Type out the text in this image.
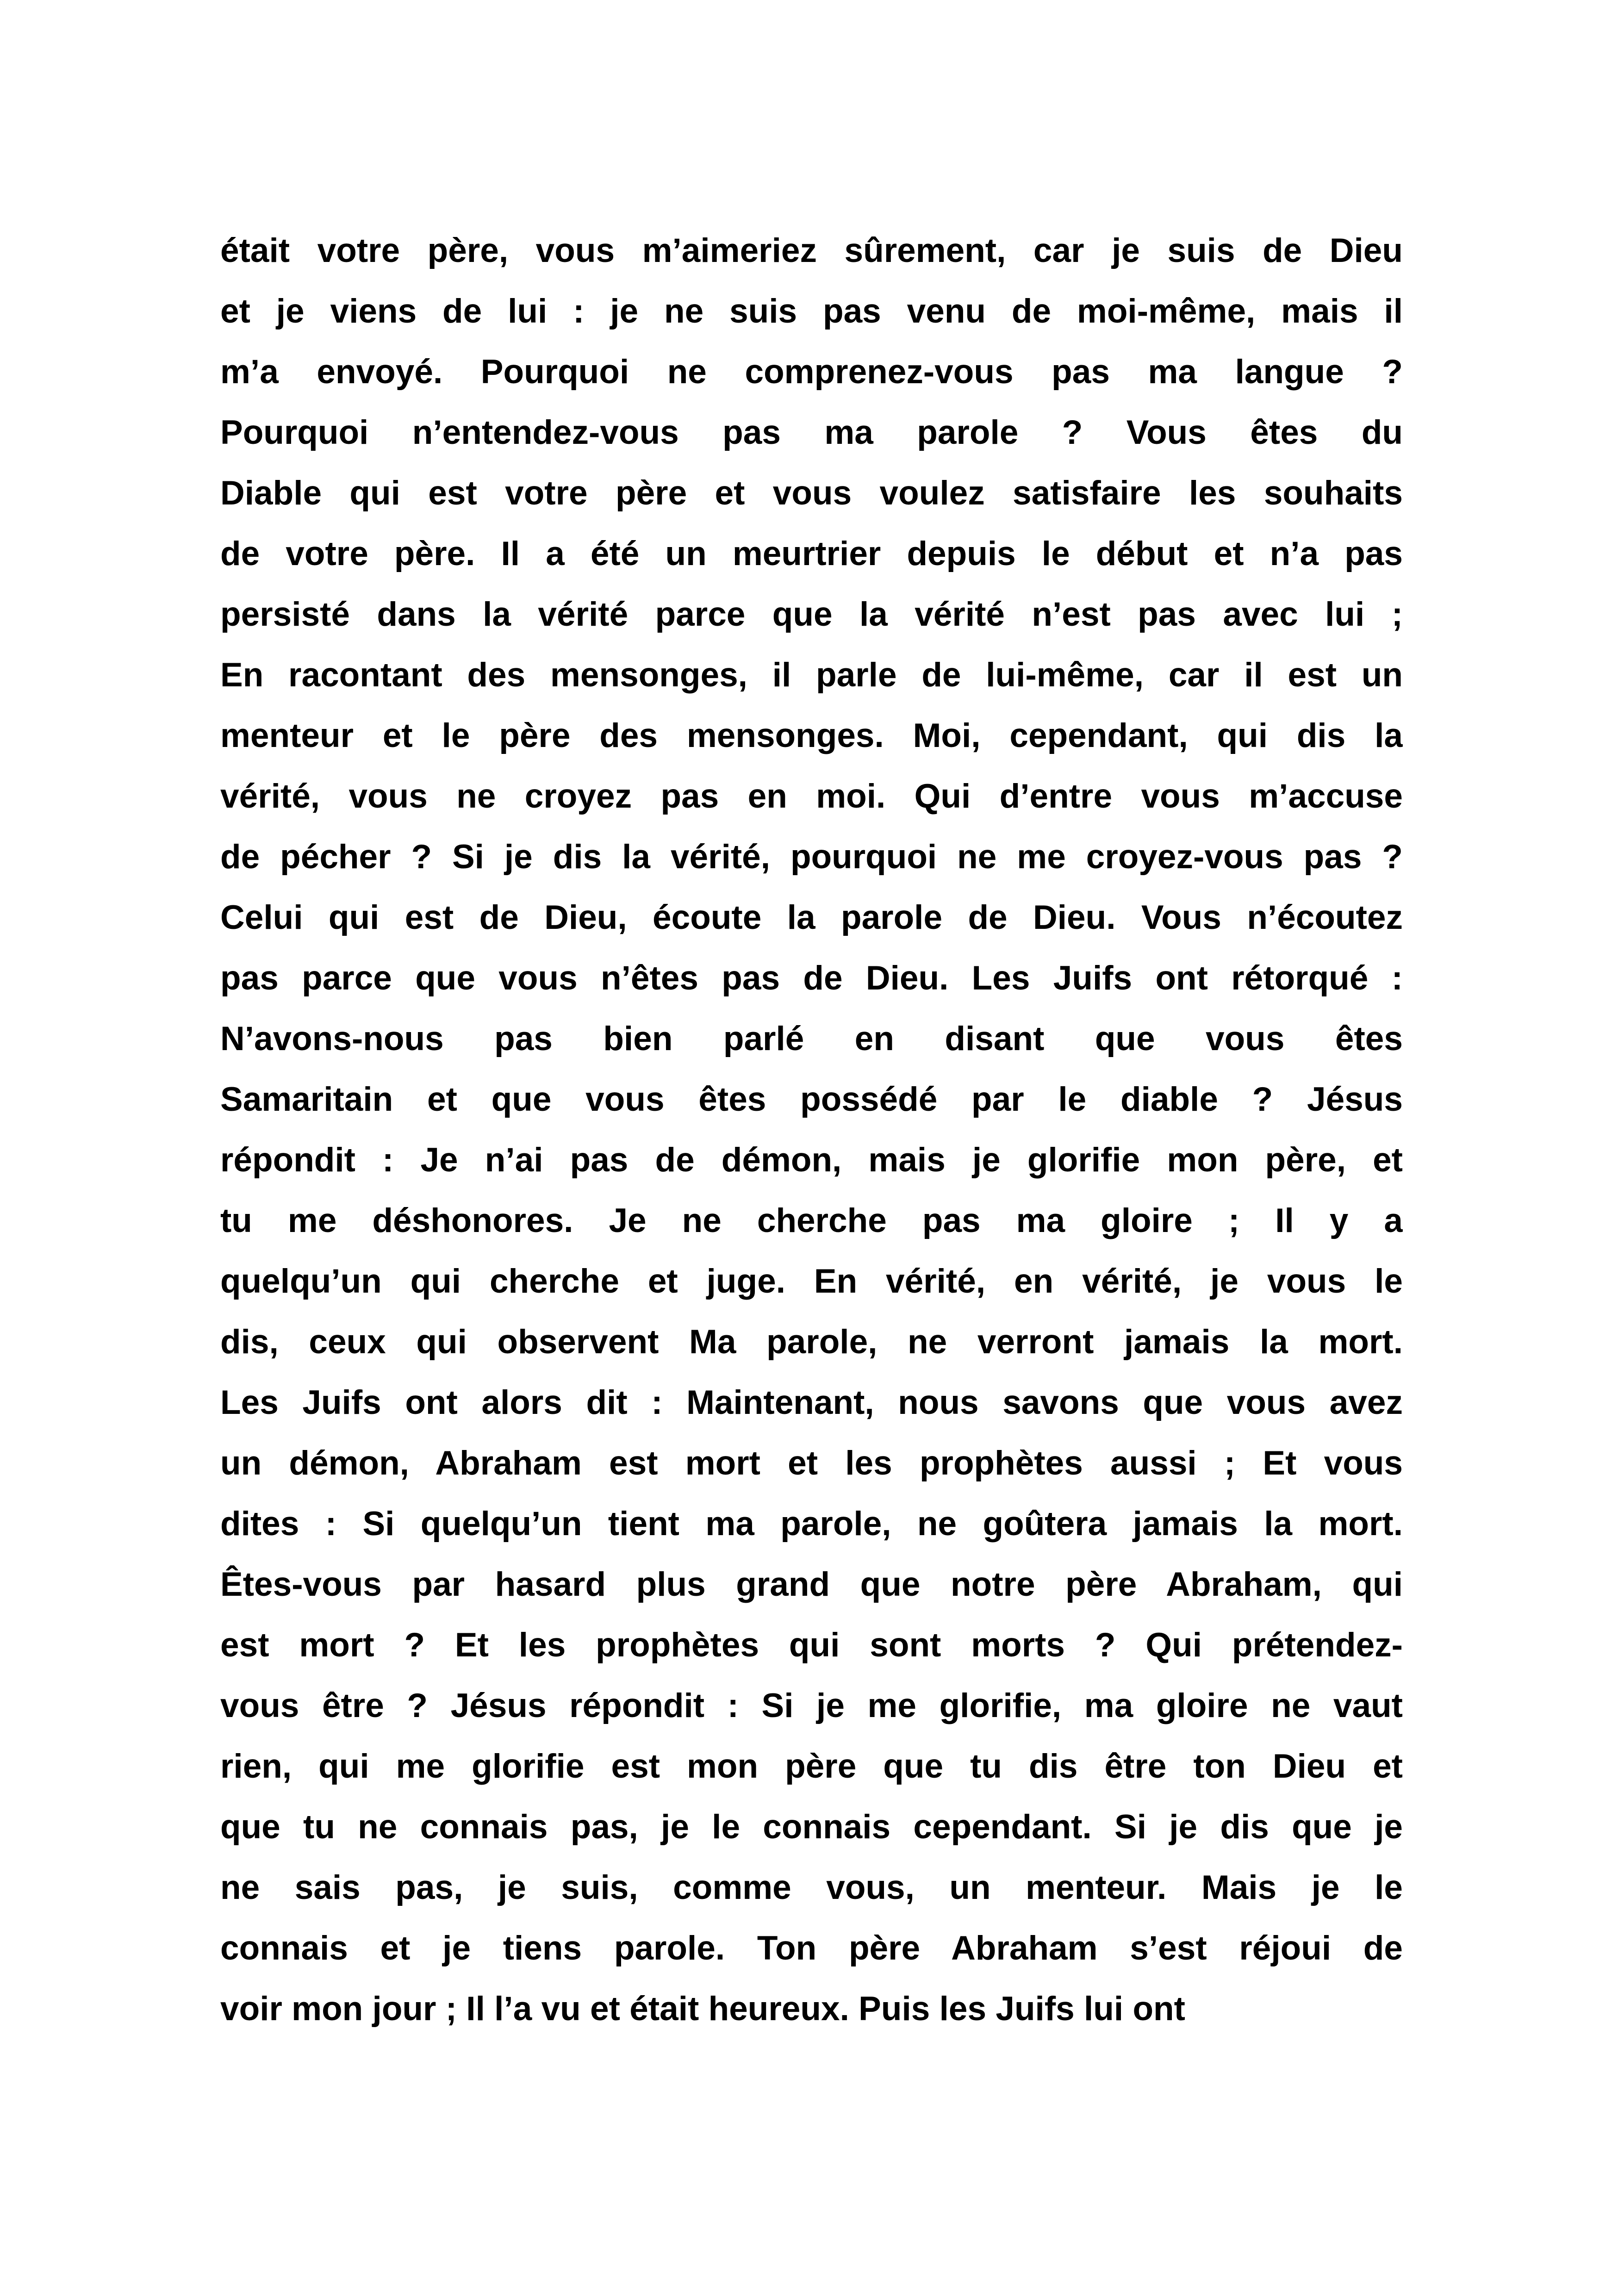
était votre père, vous m’aimeriez sûrement, car je suis de Dieu
et je viens de lui : je ne suis pas venu de moi-même, mais il
m’a envoyé. Pourquoi ne comprenez-vous pas ma langue ?
Pourquoi n’entendez-vous pas ma parole ? Vous êtes du
Diable qui est votre père et vous voulez satisfaire les souhaits
de votre père. Il a été un meurtrier depuis le début et n’a pas
persisté dans la vérité parce que la vérité n’est pas avec lui ;
En racontant des mensonges, il parle de lui-même, car il est un
menteur et le père des mensonges. Moi, cependant, qui dis la
vérité, vous ne croyez pas en moi. Qui d’entre vous m’accuse
de pécher ? Si je dis la vérité, pourquoi ne me croyez-vous pas ?
Celui qui est de Dieu, écoute la parole de Dieu. Vous n’écoutez
pas parce que vous n’êtes pas de Dieu. Les Juifs ont rétorqué :
N’avons-nous pas bien parlé en disant que vous êtes
Samaritain et que vous êtes possédé par le diable ? Jésus
répondit : Je n’ai pas de démon, mais je glorifie mon père, et
tu me déshonores. Je ne cherche pas ma gloire ; Il y a
quelqu’un qui cherche et juge. En vérité, en vérité, je vous le
dis, ceux qui observent Ma parole, ne verront jamais la mort.
Les Juifs ont alors dit : Maintenant, nous savons que vous avez
un démon, Abraham est mort et les prophètes aussi ; Et vous
dites : Si quelqu’un tient ma parole, ne goûtera jamais la mort.
Êtes-vous par hasard plus grand que notre père Abraham, qui
est mort ? Et les prophètes qui sont morts ? Qui prétendez-
vous être ? Jésus répondit : Si je me glorifie, ma gloire ne vaut
rien, qui me glorifie est mon père que tu dis être ton Dieu et
que tu ne connais pas, je le connais cependant. Si je dis que je
ne sais pas, je suis, comme vous, un menteur. Mais je le
connais et je tiens parole. Ton père Abraham s’est réjoui de
voir mon jour ; Il l’a vu et était heureux. Puis les Juifs lui ont
